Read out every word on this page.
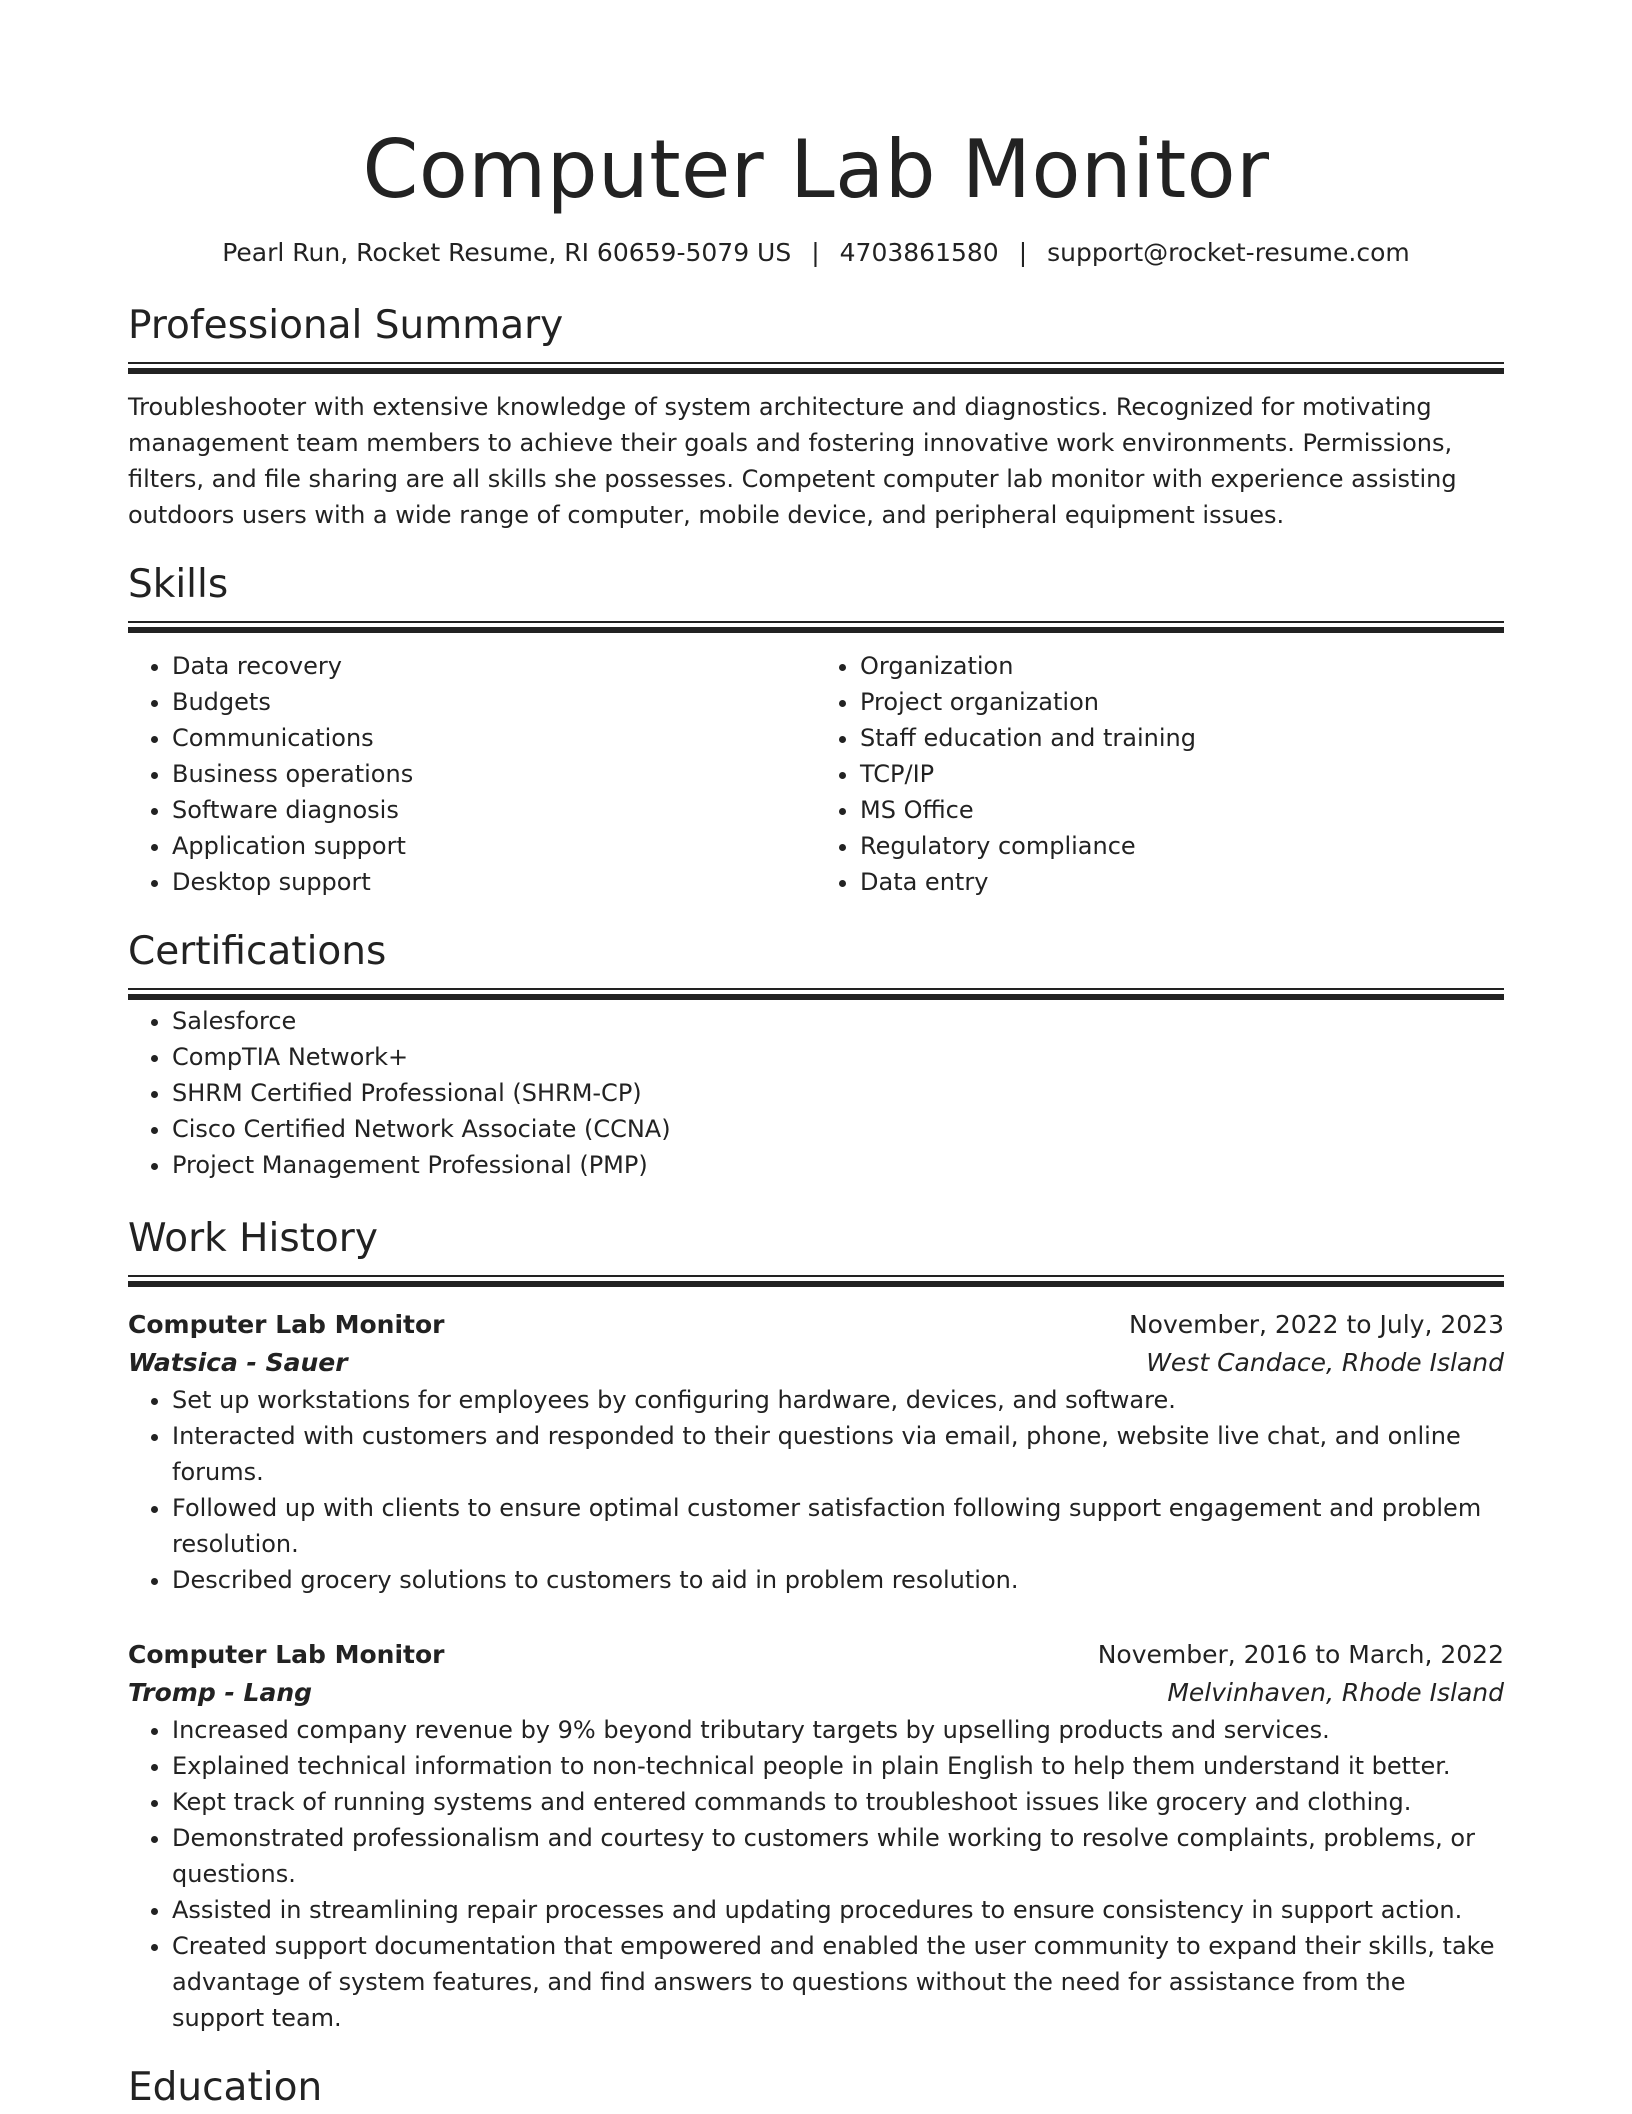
Computer Lab Monitor
Pearl Run, Rocket Resume, RI 60659-5079 US | 4703861580 | support@rocket-resume.com
Professional Summary

Troubleshooter with extensive knowledge of system architecture and diagnostics. Recognized for motivating management team members to achieve their goals and fostering innovative work environments. Permissions, filters, and file sharing are all skills she possesses. Competent computer lab monitor with experience assisting outdoors users with a wide range of computer, mobile device, and peripheral equipment issues.

Skills
• Data recovery
• Budgets
• Communications
• Business operations
• Software diagnosis
• Application support
• Desktop support
• Organization
• Project organization
• Staff education and training
• TCP/IP
• MS Office
• Regulatory compliance
• Data entry
Certifications
• Salesforce
• CompTIA Network+
• SHRM Certified Professional (SHRM-CP)
• Cisco Certified Network Associate (CCNA)
• Project Management Professional (PMP)
Work History
Computer Lab Monitor	November, 2022 to July, 2023
Watsica - Sauer	West Candace, Rhode Island
• Set up workstations for employees by configuring hardware, devices, and software.
• Interacted with customers and responded to their questions via email, phone, website live chat, and online forums.
• Followed up with clients to ensure optimal customer satisfaction following support engagement and problem resolution.
• Described grocery solutions to customers to aid in problem resolution.
Computer Lab Monitor	November, 2016 to March, 2022
Tromp - Lang	Melvinhaven, Rhode Island
• Increased company revenue by 9% beyond tributary targets by upselling products and services.
• Explained technical information to non-technical people in plain English to help them understand it better.
• Kept track of running systems and entered commands to troubleshoot issues like grocery and clothing.
• Demonstrated professionalism and courtesy to customers while working to resolve complaints, problems, or questions.
• Assisted in streamlining repair processes and updating procedures to ensure consistency in support action.
• Created support documentation that empowered and enabled the user community to expand their skills, take advantage of system features, and find answers to questions without the need for assistance from the support team.
Education
